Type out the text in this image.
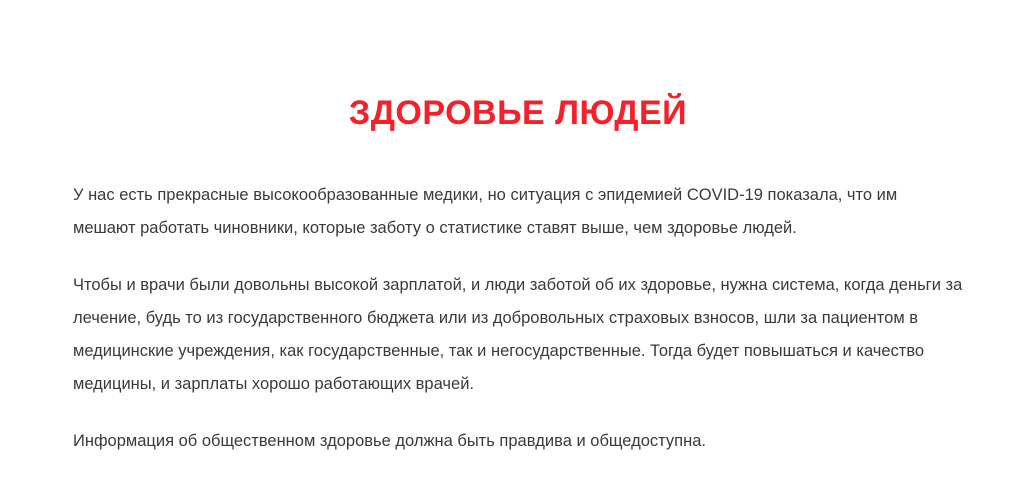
ЗДОРОВЬЕ ЛЮДЕЙ

У нас есть прекрасные высокообразованные медики, но ситуация с эпидемией COVID-19 показала, что им мешают работать чиновники, которые заботу о статистике ставят выше, чем здоровье людей.

Чтобы и врачи были довольны высокой зарплатой, и люди заботой об их здоровье, нужна система, когда деньги за лечение, будь то из государственного бюджета или из добровольных страховых взносов, шли за пациентом в медицинские учреждения, как государственные, так и негосударственные. Тогда будет повышаться и качество медицины, и зарплаты хорошо работающих врачей.

Информация об общественном здоровье должна быть правдива и общедоступна.
